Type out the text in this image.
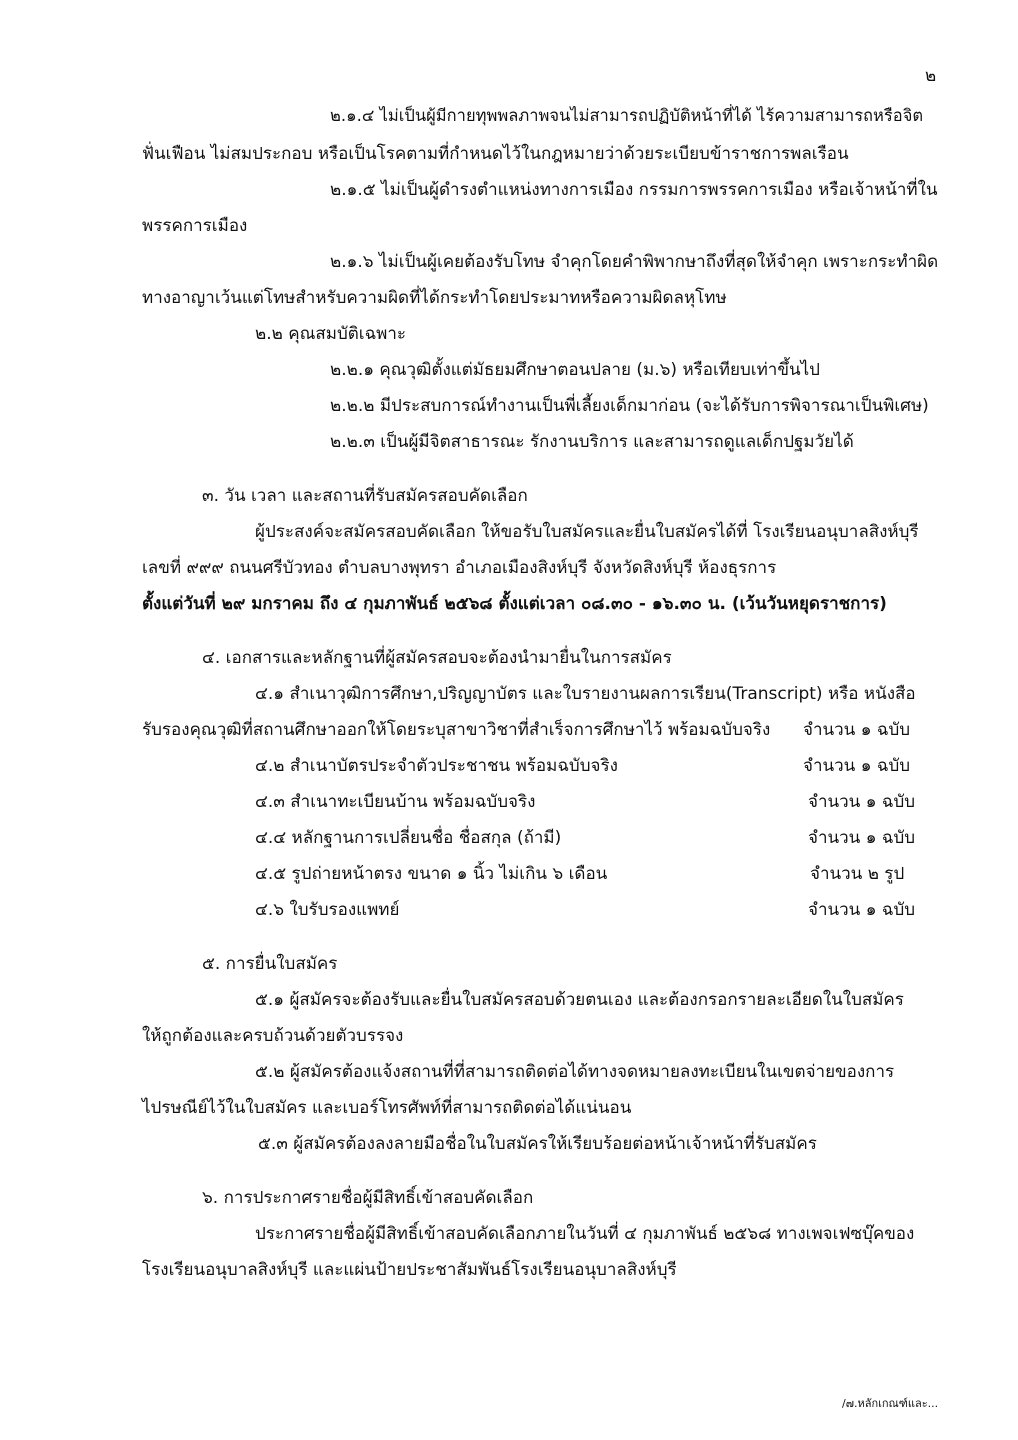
๒
๒.๑.๔ ไม่เป็นผู้มีกายทุพพลภาพจนไม่สามารถปฏิบัติหน้าที่ได้ ไร้ความสามารถหรือจิต
ฟั่นเฟือน ไม่สมประกอบ หรือเป็นโรคตามที่กำหนดไว้ในกฎหมายว่าด้วยระเบียบข้าราชการพลเรือน
๒.๑.๕ ไม่เป็นผู้ดำรงตำแหน่งทางการเมือง กรรมการพรรคการเมือง หรือเจ้าหน้าที่ใน
พรรคการเมือง
๒.๑.๖ ไม่เป็นผู้เคยต้องรับโทษ จำคุกโดยคำพิพากษาถึงที่สุดให้จำคุก เพราะกระทำผิด
ทางอาญาเว้นแต่โทษสำหรับความผิดที่ได้กระทำโดยประมาทหรือความผิดลหุโทษ
๒.๒ คุณสมบัติเฉพาะ
๒.๒.๑ คุณวุฒิตั้งแต่มัธยมศึกษาตอนปลาย (ม.๖) หรือเทียบเท่าขึ้นไป
๒.๒.๒ มีประสบการณ์ทำงานเป็นพี่เลี้ยงเด็กมาก่อน (จะได้รับการพิจารณาเป็นพิเศษ)
๒.๒.๓ เป็นผู้มีจิตสาธารณะ รักงานบริการ และสามารถดูแลเด็กปฐมวัยได้
๓. วัน เวลา และสถานที่รับสมัครสอบคัดเลือก
ผู้ประสงค์จะสมัครสอบคัดเลือก ให้ขอรับใบสมัครและยื่นใบสมัครได้ที่ โรงเรียนอนุบาลสิงห์บุรี
เลขที่ ๙๙๙ ถนนศรีบัวทอง ตำบลบางพุทรา อำเภอเมืองสิงห์บุรี จังหวัดสิงห์บุรี ห้องธุรการ
ตั้งแต่วันที่ ๒๙ มกราคม ถึง ๔ กุมภาพันธ์ ๒๕๖๘ ตั้งแต่เวลา ๐๘.๓๐ - ๑๖.๓๐ น. (เว้นวันหยุดราชการ)
๔. เอกสารและหลักฐานที่ผู้สมัครสอบจะต้องนำมายื่นในการสมัคร
๔.๑ สำเนาวุฒิการศึกษา,ปริญญาบัตร และใบรายงานผลการเรียน(Transcript) หรือ หนังสือ
รับรองคุณวุฒิที่สถานศึกษาออกให้โดยระบุสาขาวิชาที่สำเร็จการศึกษาไว้ พร้อมฉบับจริง จำนวน ๑ ฉบับ
๔.๒ สำเนาบัตรประจำตัวประชาชน พร้อมฉบับจริง	จำนวน ๑ ฉบับ
๔.๓ สำเนาทะเบียนบ้าน พร้อมฉบับจริง	จำนวน ๑ ฉบับ
๔.๔ หลักฐานการเปลี่ยนชื่อ ชื่อสกุล (ถ้ามี)	จำนวน ๑ ฉบับ
๔.๕ รูปถ่ายหน้าตรง ขนาด ๑ นิ้ว ไม่เกิน ๖ เดือน	จำนวน ๒ รูป
๔.๖ ใบรับรองแพทย์	จำนวน ๑ ฉบับ
๕. การยื่นใบสมัคร
๕.๑ ผู้สมัครจะต้องรับและยื่นใบสมัครสอบด้วยตนเอง และต้องกรอกรายละเอียดในใบสมัคร
ให้ถูกต้องและครบถ้วนด้วยตัวบรรจง
๕.๒ ผู้สมัครต้องแจ้งสถานที่ที่สามารถติดต่อได้ทางจดหมายลงทะเบียนในเขตจ่ายของการ
ไปรษณีย์ไว้ในใบสมัคร และเบอร์โทรศัพท์ที่สามารถติดต่อได้แน่นอน
๕.๓ ผู้สมัครต้องลงลายมือชื่อในใบสมัครให้เรียบร้อยต่อหน้าเจ้าหน้าที่รับสมัคร
๖. การประกาศรายชื่อผู้มีสิทธิ์เข้าสอบคัดเลือก
ประกาศรายชื่อผู้มีสิทธิ์เข้าสอบคัดเลือกภายในวันที่ ๔ กุมภาพันธ์ ๒๕๖๘ ทางเพจเฟซบุ๊คของ
โรงเรียนอนุบาลสิงห์บุรี และแผ่นป้ายประชาสัมพันธ์โรงเรียนอนุบาลสิงห์บุรี
/๗.หลักเกณฑ์และ...
